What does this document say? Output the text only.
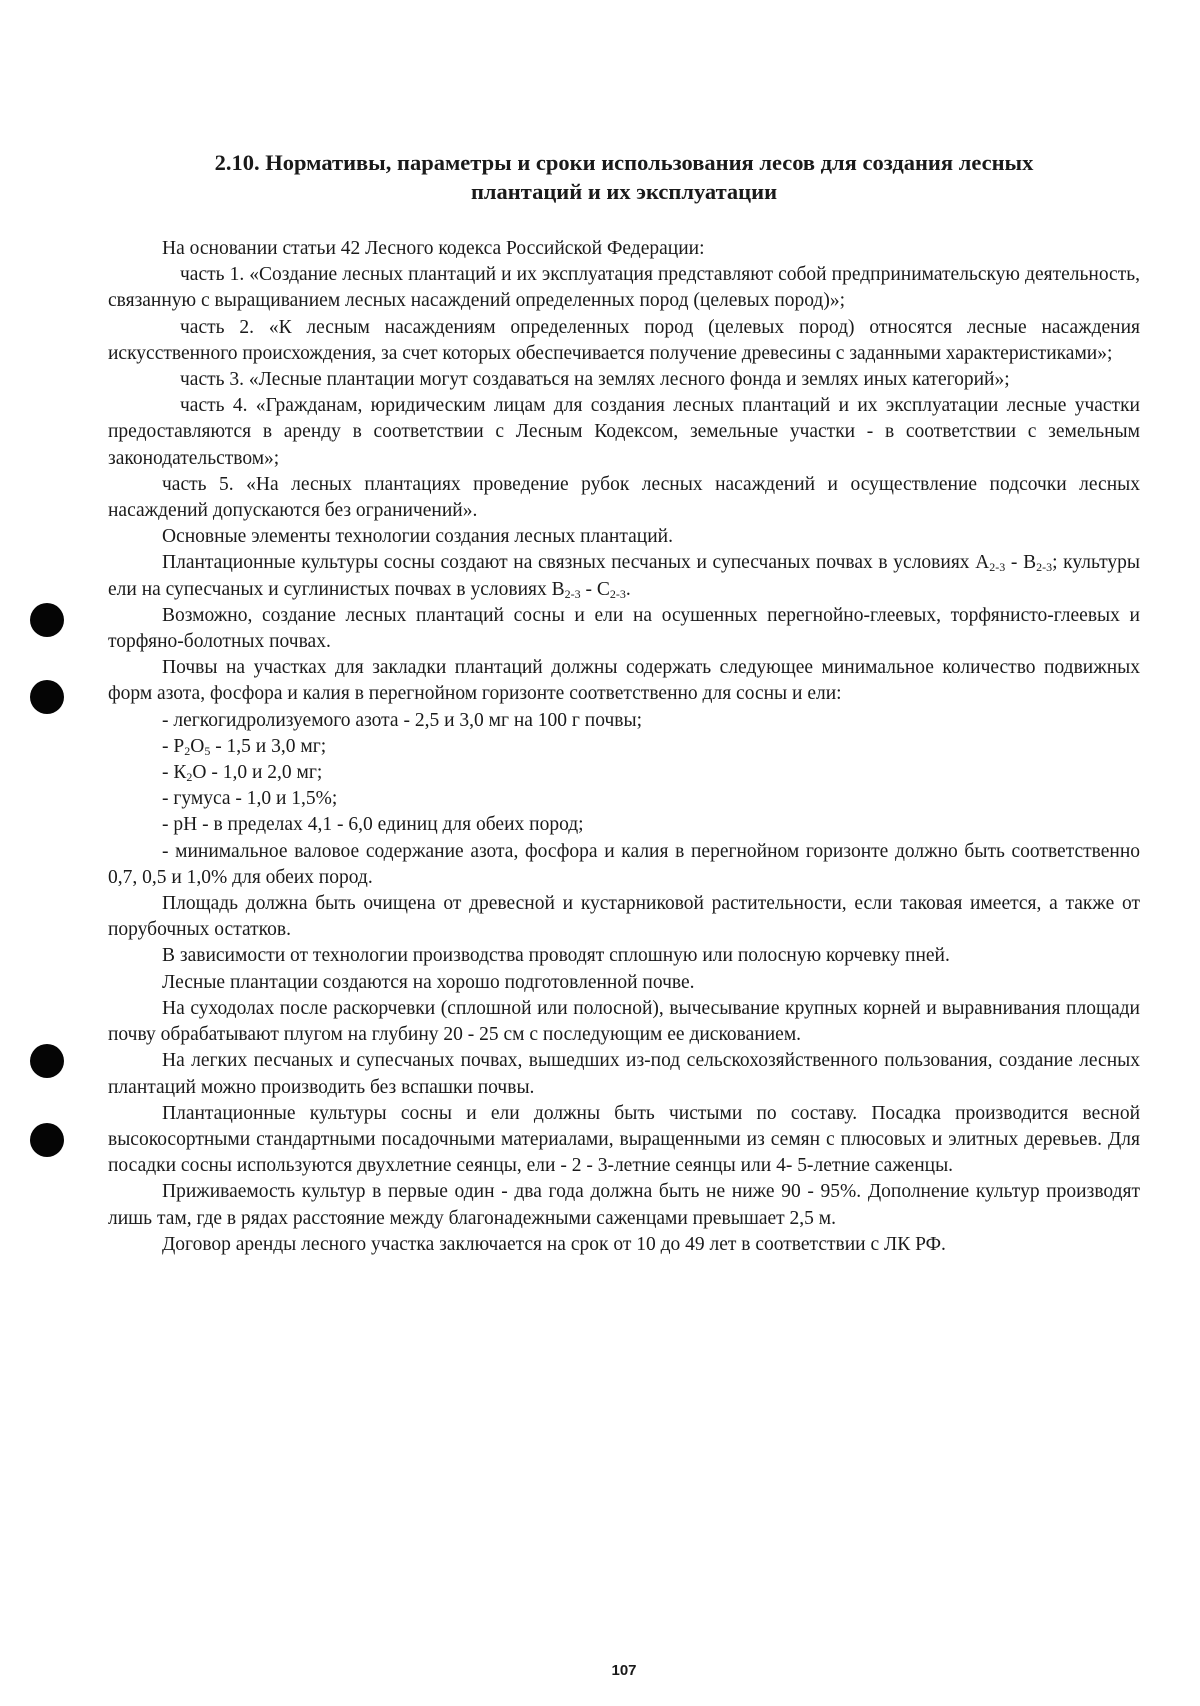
2.10. Нормативы, параметры и сроки использования лесов для создания лесных
плантаций и их эксплуатации

На основании статьи 42 Лесного кодекса Российской Федерации:

часть 1. «Создание лесных плантаций и их эксплуатация представляют собой предпринимательскую деятельность, связанную с выращиванием лесных насаждений определенных пород (целевых пород)»;

часть 2. «К лесным насаждениям определенных пород (целевых пород) относятся лесные насаждения искусственного происхождения, за счет которых обеспечивается получение древесины с заданными характеристиками»;

часть 3. «Лесные плантации могут создаваться на землях лесного фонда и землях иных категорий»;

часть 4. «Гражданам, юридическим лицам для создания лесных плантаций и их эксплуатации лесные участки предоставляются в аренду в соответствии с Лесным Кодексом, земельные участки - в соответствии с земельным законодательством»;

часть 5. «На лесных плантациях проведение рубок лесных насаждений и осуществление подсочки лесных насаждений допускаются без ограничений».

Основные элементы технологии создания лесных плантаций.

Плантационные культуры сосны создают на связных песчаных и супесчаных почвах в условиях $А_{2-3} - В_{2-3}$; культуры ели на супесчаных и суглинистых почвах в условиях $В_{2-3} - С_{2-3}$.

Возможно, создание лесных плантаций сосны и ели на осушенных перегнойно-глеевых, торфянисто-глеевых и торфяно-болотных почвах.

Почвы на участках для закладки плантаций должны содержать следующее минимальное количество подвижных форм азота, фосфора и калия в перегнойном горизонте соответственно для сосны и ели:

- легкогидролизуемого азота - 2,5 и 3,0 мг на 100 г почвы;

- $Р_2О_5 - 1,5$ и 3,0 мг;

- $К_2О - 1,0$ и 2,0 мг;

- гумуса - 1,0 и 1,5%;

- рН - в пределах 4,1 - 6,0 единиц для обеих пород;

- минимальное валовое содержание азота, фосфора и калия в перегнойном горизонте должно быть соответственно 0,7, 0,5 и 1,0% для обеих пород.

Площадь должна быть очищена от древесной и кустарниковой растительности, если таковая имеется, а также от порубочных остатков.

В зависимости от технологии производства проводят сплошную или полосную корчевку пней.

Лесные плантации создаются на хорошо подготовленной почве.

На суходолах после раскорчевки (сплошной или полосной), вычесывание крупных корней и выравнивания площади почву обрабатывают плугом на глубину 20 - 25 см с последующим ее дискованием.

На легких песчаных и супесчаных почвах, вышедших из-под сельскохозяйственного пользования, создание лесных плантаций можно производить без вспашки почвы.

Плантационные культуры сосны и ели должны быть чистыми по составу. Посадка производится весной высокосортными стандартными посадочными материалами, выращенными из семян с плюсовых и элитных деревьев. Для посадки сосны используются двухлетние сеянцы, ели - 2 - 3-летние сеянцы или 4- 5-летние саженцы.

Приживаемость культур в первые один - два года должна быть не ниже 90 - 95%. Дополнение культур производят лишь там, где в рядах расстояние между благонадежными саженцами превышает 2,5 м.

Договор аренды лесного участка заключается на срок от 10 до 49 лет в соответствии с ЛК РФ.

107
